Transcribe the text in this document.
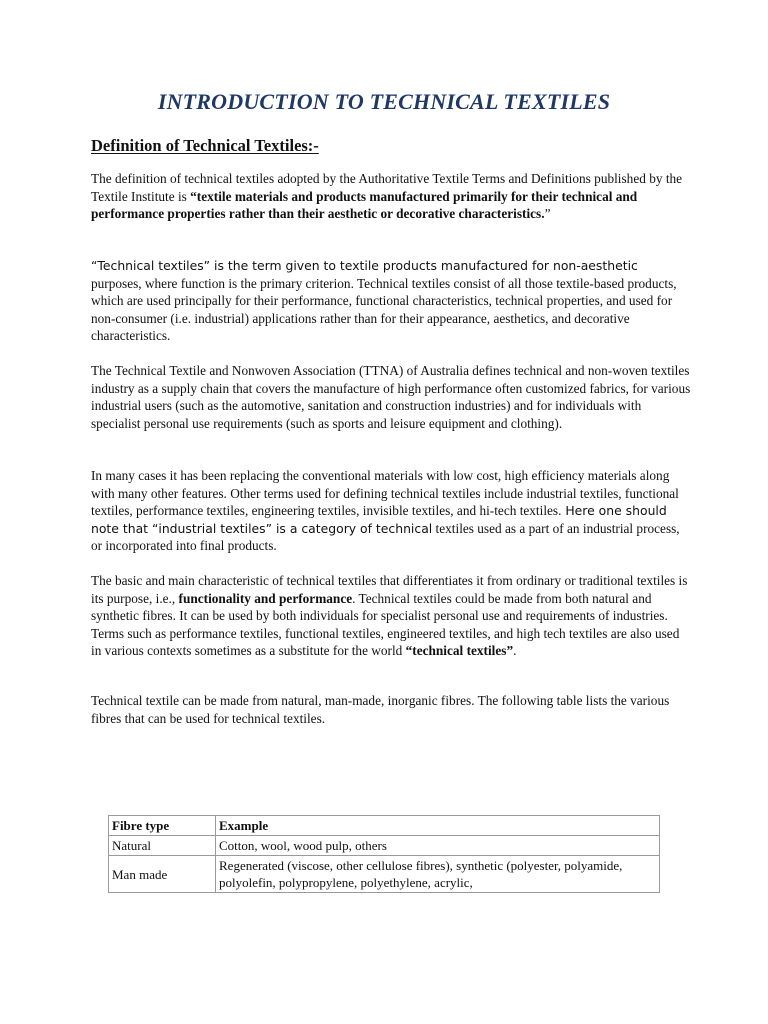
INTRODUCTION TO TECHNICAL TEXTILES
Definition of Technical Textiles:-
The definition of technical textiles adopted by the Authoritative Textile Terms and Definitions published by the Textile Institute is “textile materials and products manufactured primarily for their technical and performance properties rather than their aesthetic or decorative characteristics.”
“Technical textiles” is the term given to textile products manufactured for non-aesthetic purposes, where function is the primary criterion. Technical textiles consist of all those textile-based products, which are used principally for their performance, functional characteristics, technical properties, and used for non-consumer (i.e. industrial) applications rather than for their appearance, aesthetics, and decorative characteristics.
The Technical Textile and Nonwoven Association (TTNA) of Australia defines technical and non-woven textiles industry as a supply chain that covers the manufacture of high performance often customized fabrics, for various industrial users (such as the automotive, sanitation and construction industries) and for individuals with specialist personal use requirements (such as sports and leisure equipment and clothing).
In many cases it has been replacing the conventional materials with low cost, high efficiency materials along with many other features. Other terms used for defining technical textiles include industrial textiles, functional textiles, performance textiles, engineering textiles, invisible textiles, and hi-tech textiles. Here one should note that “industrial textiles” is a category of technical textiles used as a part of an industrial process, or incorporated into final products.
The basic and main characteristic of technical textiles that differentiates it from ordinary or traditional textiles is its purpose, i.e., functionality and performance. Technical textiles could be made from both natural and synthetic fibres. It can be used by both individuals for specialist personal use and requirements of industries. Terms such as performance textiles, functional textiles, engineered textiles, and high tech textiles are also used in various contexts sometimes as a substitute for the world “technical textiles”.
Technical textile can be made from natural, man-made, inorganic fibres. The following table lists the various fibres that can be used for technical textiles.
Fibre type	Example
Natural	Cotton, wool, wood pulp, others
Man made	Regenerated (viscose, other cellulose fibres), synthetic (polyester, polyamide, polyolefin, polypropylene, polyethylene, acrylic,
